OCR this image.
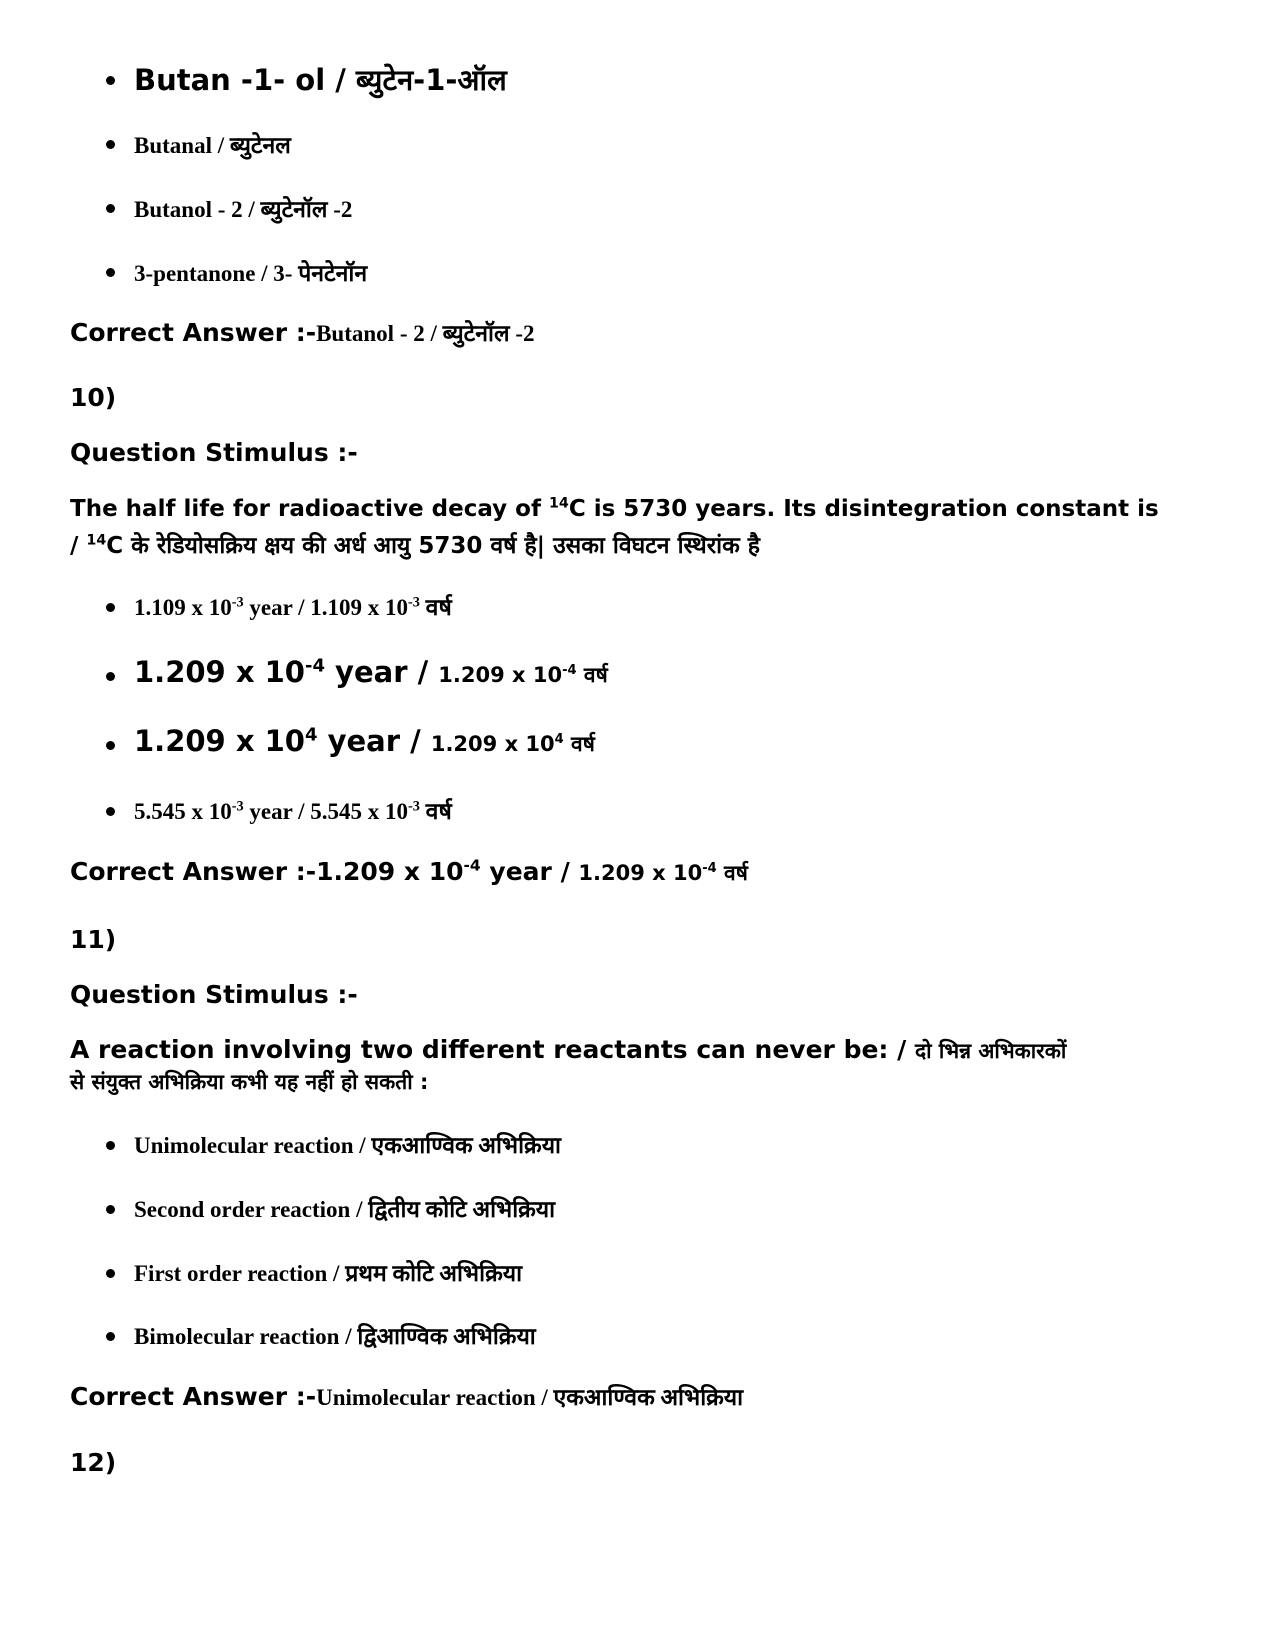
Butan -1- ol / ब्युटेन-1-ऑल
Butanal / ब्युटेनल
Butanol - 2 / ब्युटेनॉल -2
3-pentanone / 3- पेनटेनॉन
Correct Answer :-Butanol - 2 / ब्युटेनॉल -2
10)
Question Stimulus :-
The half life for radioactive decay of $^{14}$C is 5730 years. Its disintegration constant is
/ $^{14}$C के रेडियोसक्रिय क्षय की अर्ध आयु 5730 वर्ष है| उसका विघटन स्थिरांक है
1.109 x $10^{-3}$ year / 1.109 x $10^{-3}$ वर्ष
1.209 x $10^{-4}$ year / 1.209 x $10^{-4}$ वर्ष
1.209 x $10^4$ year / 1.209 x $10^4$ वर्ष
5.545 x $10^{-3}$ year / 5.545 x $10^{-3}$ वर्ष
Correct Answer :-1.209 x $10^{-4}$ year / 1.209 x $10^{-4}$ वर्ष
11)
Question Stimulus :-
A reaction involving two different reactants can never be: / दो भिन्न अभिकारकों
से संयुक्त अभिक्रिया कभी यह नहीं हो सकती :
Unimolecular reaction / एकआण्विक अभिक्रिया
Second order reaction / द्वितीय कोटि अभिक्रिया
First order reaction / प्रथम कोटि अभिक्रिया
Bimolecular reaction / द्विआण्विक अभिक्रिया
Correct Answer :-Unimolecular reaction / एकआण्विक अभिक्रिया
12)
